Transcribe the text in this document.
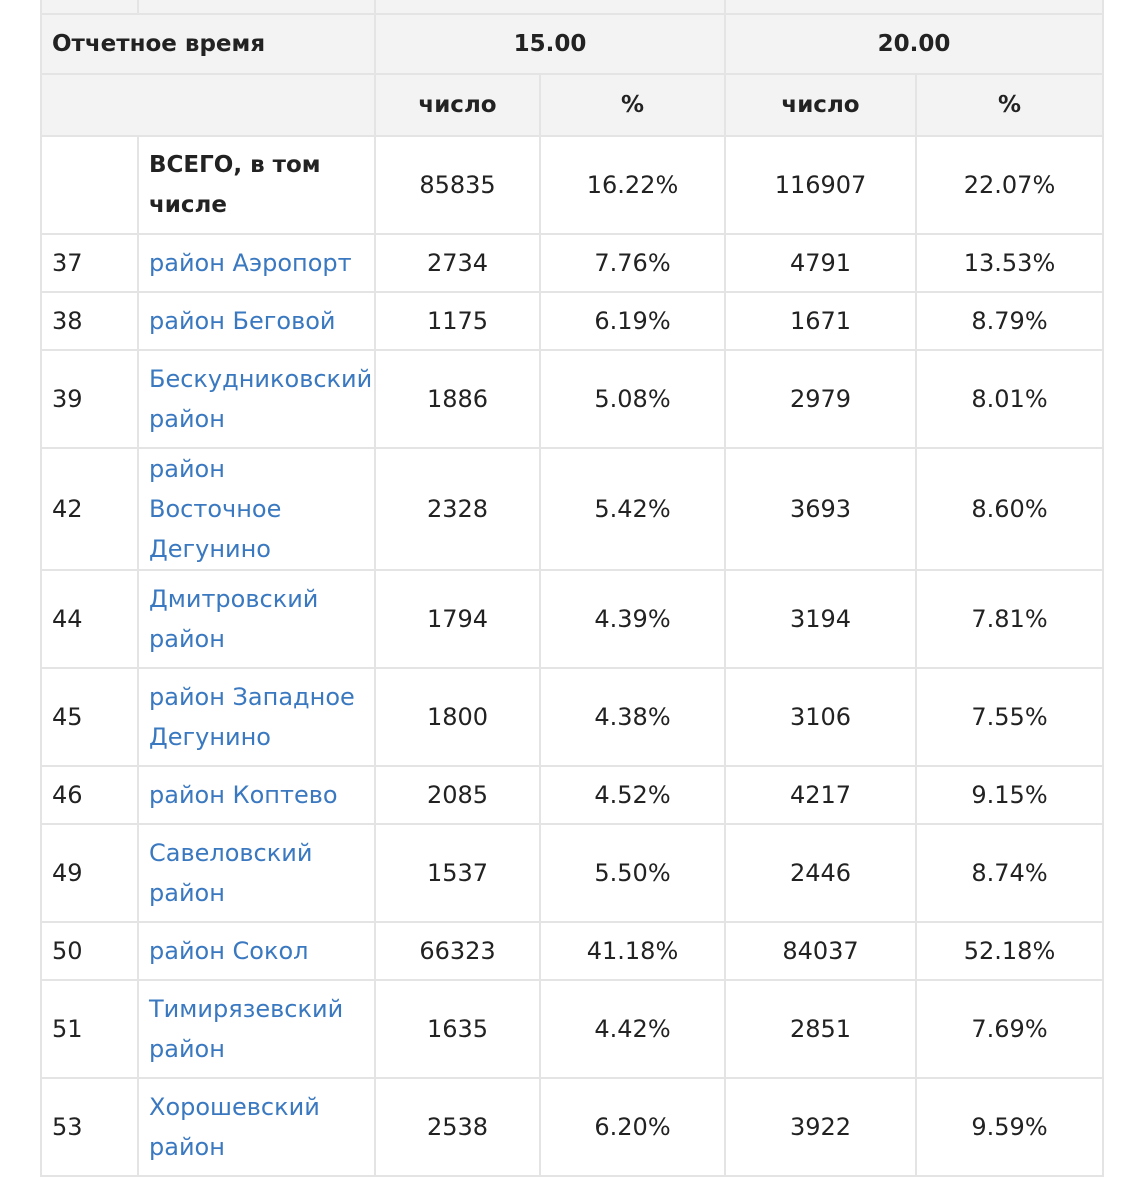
Отчетное время		15.00		20.00	
		число	%	число	%
	ВСЕГО, в том числе	85835	16.22%	116907	22.07%
37	район Аэропорт	2734	7.76%	4791	13.53%
38	район Беговой	1175	6.19%	1671	8.79%
39	Бескудниковский район	1886	5.08%	2979	8.01%
42	район Восточное Дегунино	2328	5.42%	3693	8.60%
44	Дмитровский район	1794	4.39%	3194	7.81%
45	район Западное Дегунино	1800	4.38%	3106	7.55%
46	район Коптево	2085	4.52%	4217	9.15%
49	Савеловский район	1537	5.50%	2446	8.74%
50	район Сокол	66323	41.18%	84037	52.18%
51	Тимирязевский район	1635	4.42%	2851	7.69%
53	Хорошевский район	2538	6.20%	3922	9.59%
